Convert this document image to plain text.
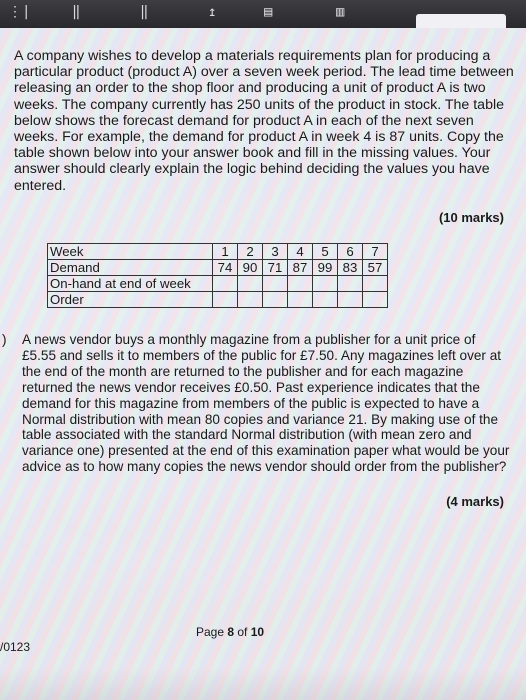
⋮|	‖	‖	↥	▤	▥

A company wishes to develop a materials requirements plan for producing a particular product (product A) over a seven week period. The lead time between releasing an order to the shop floor and producing a unit of product A is two weeks. The company currently has 250 units of the product in stock. The table below shows the forecast demand for product A in each of the next seven weeks. For example, the demand for product A in week 4 is 87 units. Copy the table shown below into your answer book and fill in the missing values. Your answer should clearly explain the logic behind deciding the values you have entered.

(10 marks)
Week	1	2	3	4	5	6	7
Demand	74	90	71	87	99	83	57
On-hand at end of week							
Order							
) A news vendor buys a monthly magazine from a publisher for a unit price of £5.55 and sells it to members of the public for £7.50. Any magazines left over at the end of the month are returned to the publisher and for each magazine returned the news vendor receives £0.50. Past experience indicates that the demand for this magazine from members of the public is expected to have a Normal distribution with mean 80 copies and variance 21. By making use of the table associated with the standard Normal distribution (with mean zero and variance one) presented at the end of this examination paper what would be your advice as to how many copies the news vendor should order from the publisher?

(4 marks)
Page 8 of 10
/0123
